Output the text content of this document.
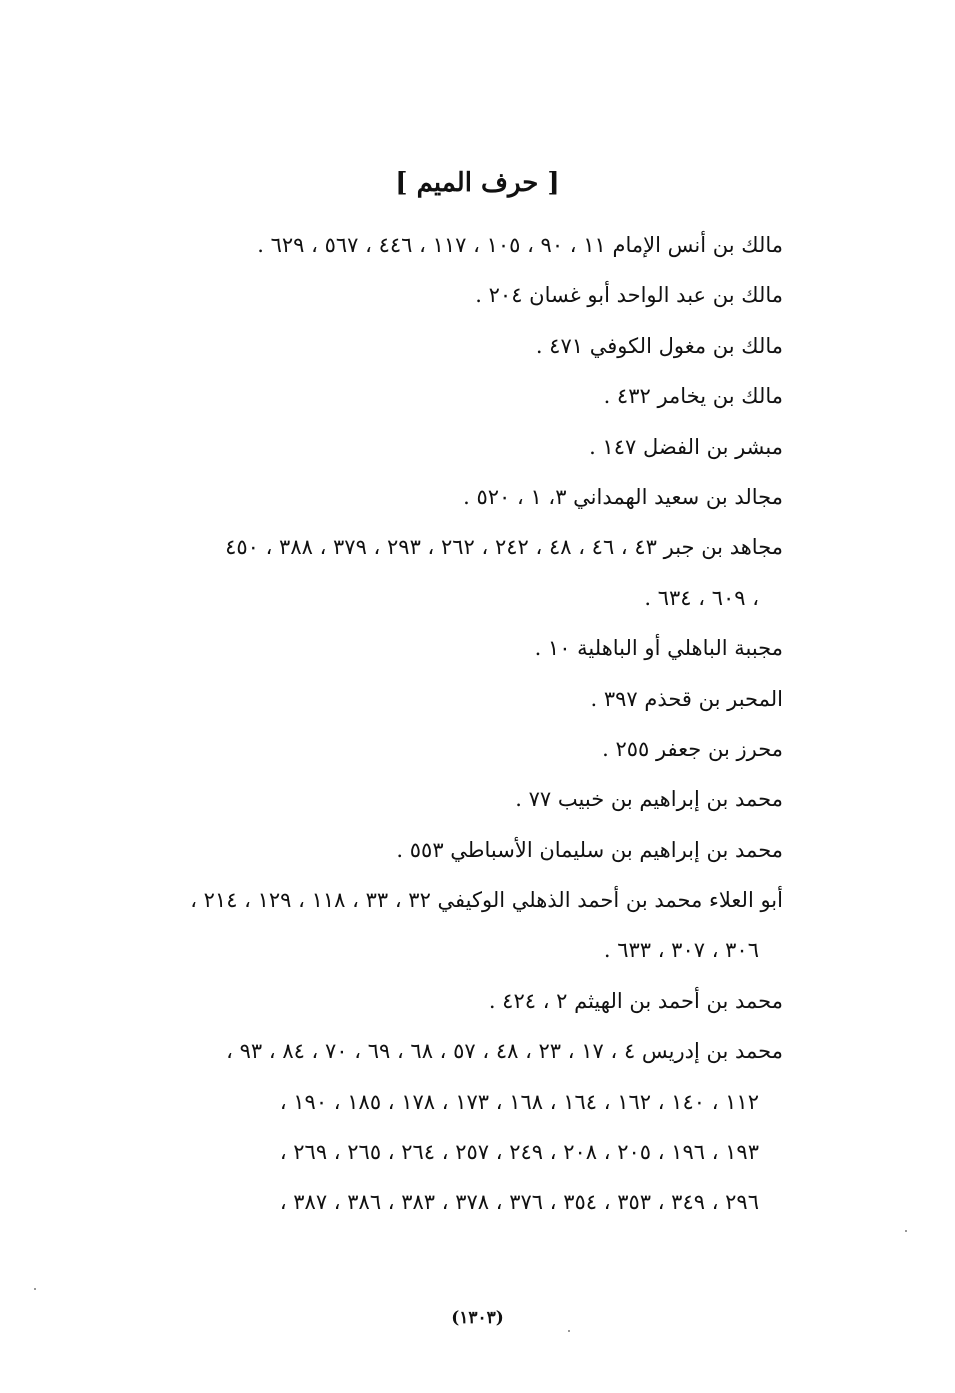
[ حرف الميم ]
مالك بن أنس الإمام ١١ ، ٩٠ ، ١٠٥ ، ١١٧ ، ٤٤٦ ، ٥٦٧ ، ٦٢٩ .
مالك بن عبد الواحد أبو غسان ٢٠٤ .
مالك بن مغول الكوفي ٤٧١ .
مالك بن يخامر ٤٣٢ .
مبشر بن الفضل ١٤٧ .
مجالد بن سعيد الهمداني ٣، ١ ، ٥٢٠ .
مجاهد بن جبر ٤٣ ، ٤٦ ، ٤٨ ، ٢٤٢ ، ٢٦٢ ، ٢٩٣ ، ٣٧٩ ، ٣٨٨ ، ٤٥٠
، ٦٠٩ ، ٦٣٤ .
مجببة الباهلي أو الباهلية ١٠ .
المحبر بن قحذم ٣٩٧ .
محرز بن جعفر ٢٥٥ .
محمد بن إبراهيم بن خبيب ٧٧ .
محمد بن إبراهيم بن سليمان الأسباطي ٥٥٣ .
أبو العلاء محمد بن أحمد الذهلي الوكيفي ٣٢ ، ٣٣ ، ١١٨ ، ١٢٩ ، ٢١٤ ،
٣٠٦ ، ٣٠٧ ، ٦٣٣ .
محمد بن أحمد بن الهيثم ٢ ، ٤٢٤ .
محمد بن إدريس ٤ ، ١٧ ، ٢٣ ، ٤٨ ، ٥٧ ، ٦٨ ، ٦٩ ، ٧٠ ، ٨٤ ، ٩٣ ،
١١٢ ، ١٤٠ ، ١٦٢ ، ١٦٤ ، ١٦٨ ، ١٧٣ ، ١٧٨ ، ١٨٥ ، ١٩٠ ،
١٩٣ ، ١٩٦ ، ٢٠٥ ، ٢٠٨ ، ٢٤٩ ، ٢٥٧ ، ٢٦٤ ، ٢٦٥ ، ٢٦٩ ،
٢٩٦ ، ٣٤٩ ، ٣٥٣ ، ٣٥٤ ، ٣٧٦ ، ٣٧٨ ، ٣٨٣ ، ٣٨٦ ، ٣٨٧ ،
(١٣٠٣)
